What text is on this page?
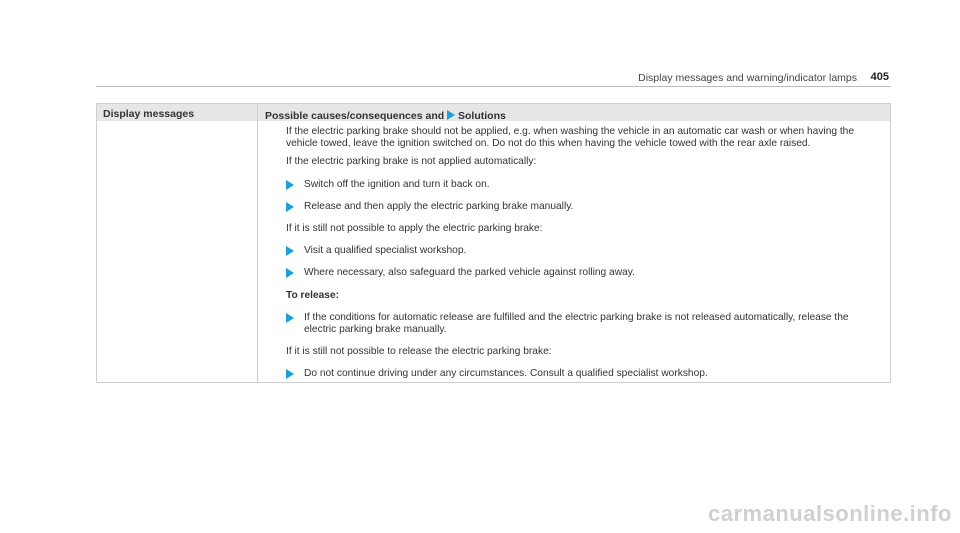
Display messages and warning/indicator lamps 405
Display messages	Possible causes/consequences and Solutions

If the electric parking brake should not be applied, e.g. when washing the vehicle in an automatic car wash or when having the vehicle towed, leave the ignition switched on. Do not do this when having the vehicle towed with the rear axle raised.

If the electric parking brake is not applied automatically:

Switch off the ignition and turn it back on.

Release and then apply the electric parking brake manually.

If it is still not possible to apply the electric parking brake:

Visit a qualified specialist workshop.

Where necessary, also safeguard the parked vehicle against rolling away.

To release:

If the conditions for automatic release are fulfilled and the electric parking brake is not released automatically, release the electric parking brake manually.

If it is still not possible to release the electric parking brake:

Do not continue driving under any circumstances. Consult a qualified specialist workshop.

carmanualsonline.info
